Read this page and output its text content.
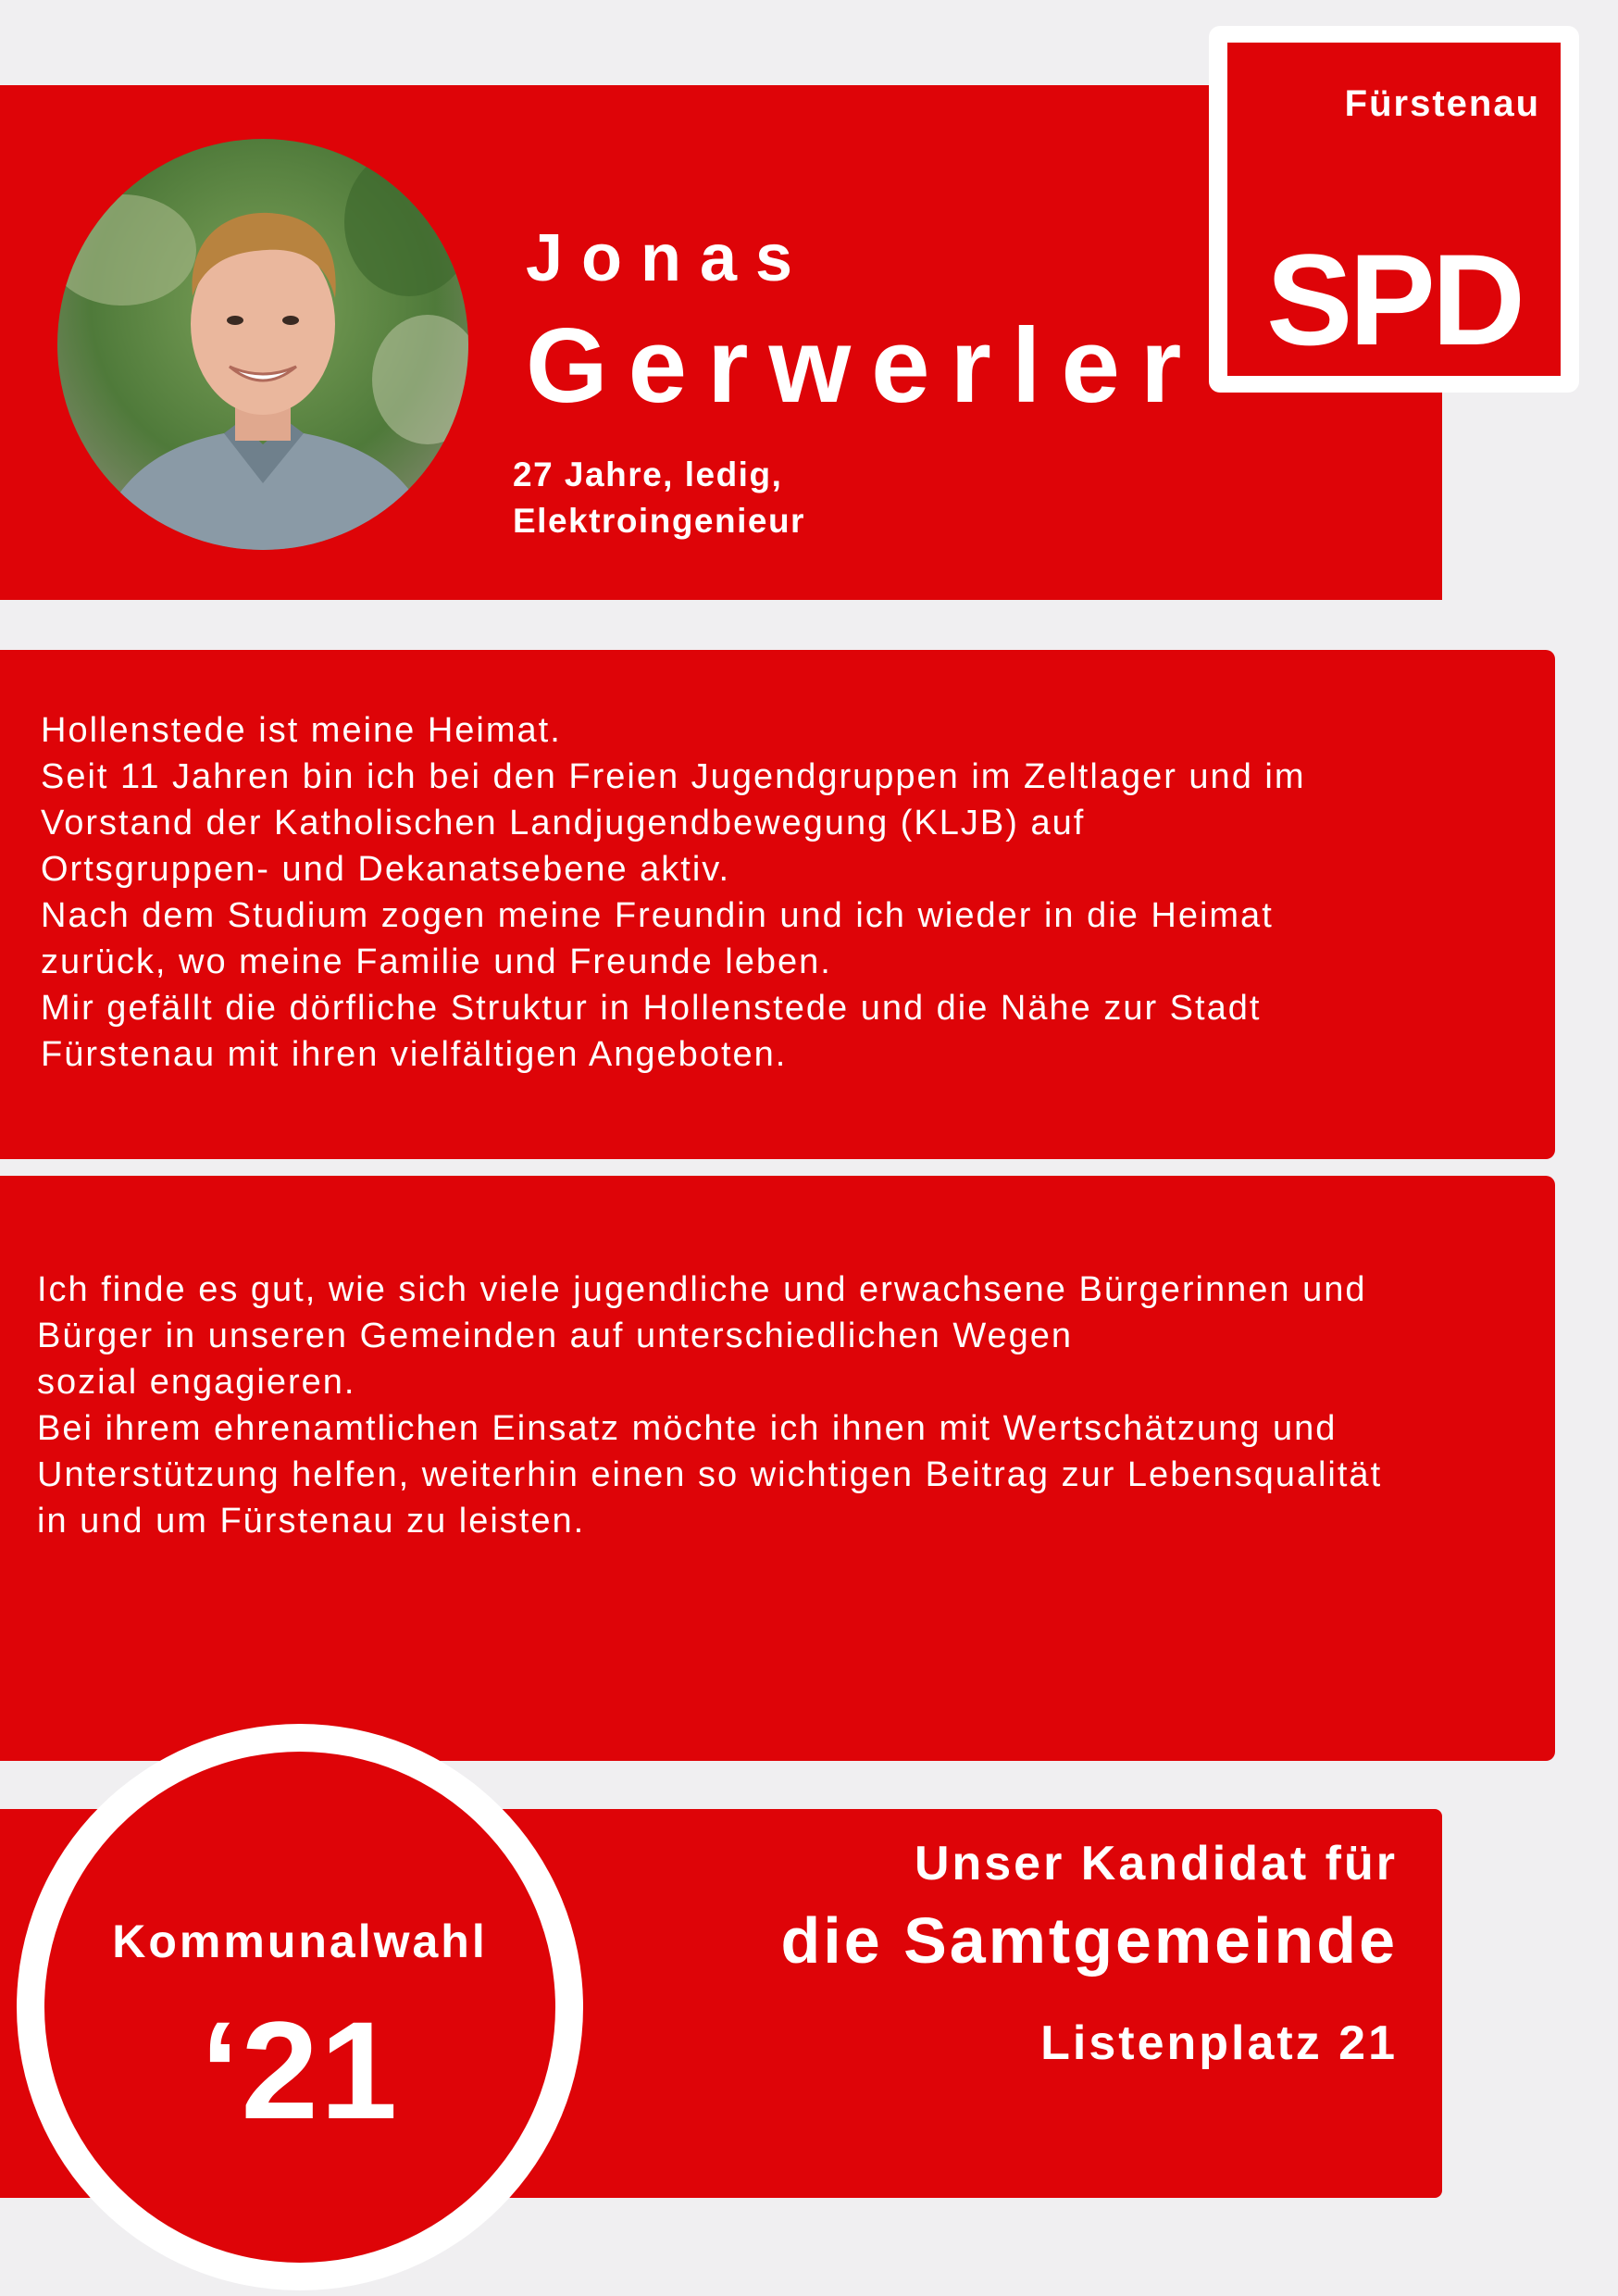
Jonas
Gerwerler
27 Jahre, ledig,
Elektroingenieur
Fürstenau
SPD
Hollenstede ist meine Heimat.
Seit 11 Jahren bin ich bei den Freien Jugendgruppen im Zeltlager und im
Vorstand der Katholischen Landjugendbewegung (KLJB) auf
Ortsgruppen- und Dekanatsebene aktiv.
Nach dem Studium zogen meine Freundin und ich wieder in die Heimat
zurück, wo meine Familie und Freunde leben.
Mir gefällt die dörfliche Struktur in Hollenstede und die Nähe zur Stadt
Fürstenau mit ihren vielfältigen Angeboten.
Ich finde es gut, wie sich viele jugendliche und erwachsene Bürgerinnen und
Bürger in unseren Gemeinden auf unterschiedlichen Wegen
sozial engagieren.
Bei ihrem ehrenamtlichen Einsatz möchte ich ihnen mit Wertschätzung und
Unterstützung helfen, weiterhin einen so wichtigen Beitrag zur Lebensqualität
in und um Fürstenau zu leisten.
Kommunalwahl
‘21
Unser Kandidat für
die Samtgemeinde
Listenplatz 21
